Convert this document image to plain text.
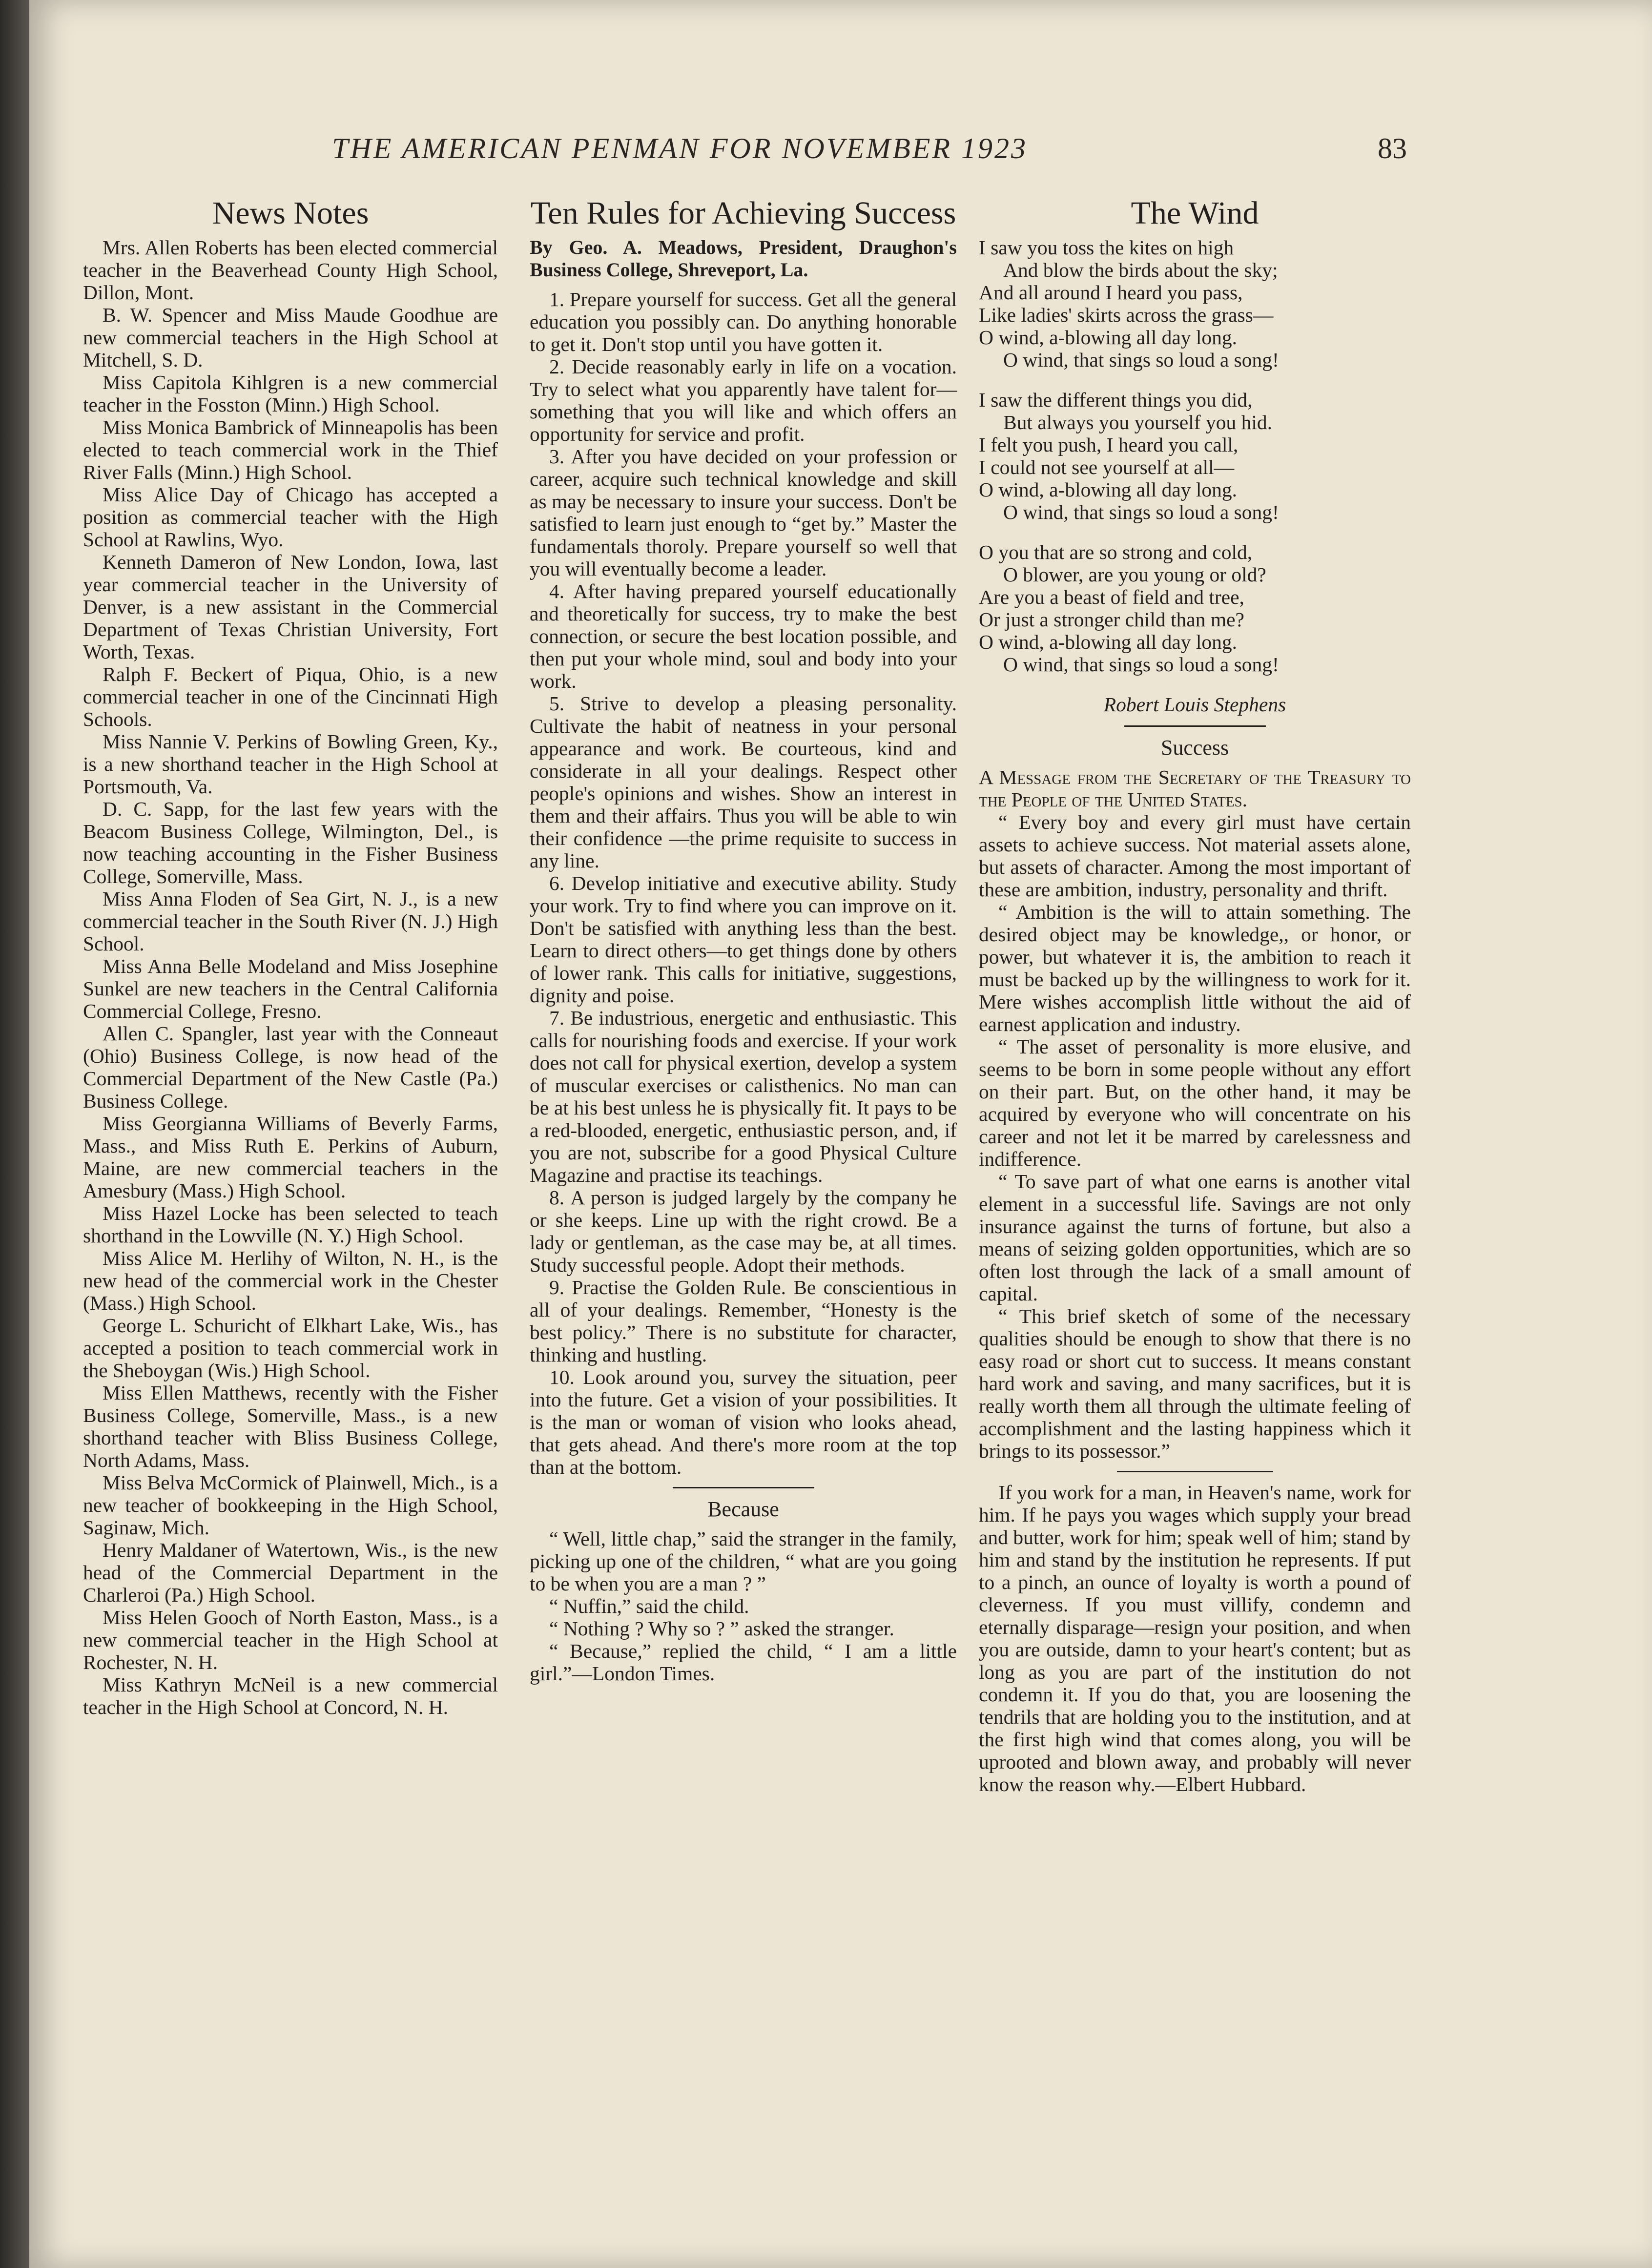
THE AMERICAN PENMAN FOR NOVEMBER 1923	83
News Notes

Mrs. Allen Roberts has been elected commercial teacher in the Beaverhead County High School, Dillon, Mont.

B. W. Spencer and Miss Maude Goodhue are new commercial teachers in the High School at Mitchell, S. D.

Miss Capitola Kihlgren is a new commercial teacher in the Fosston (Minn.) High School.

Miss Monica Bambrick of Minneapolis has been elected to teach commercial work in the Thief River Falls (Minn.) High School.

Miss Alice Day of Chicago has accepted a position as commercial teacher with the High School at Rawlins, Wyo.

Kenneth Dameron of New London, Iowa, last year commercial teacher in the University of Denver, is a new assistant in the Commercial Department of Texas Christian University, Fort Worth, Texas.

Ralph F. Beckert of Piqua, Ohio, is a new commercial teacher in one of the Cincinnati High Schools.

Miss Nannie V. Perkins of Bowling Green, Ky., is a new shorthand teacher in the High School at Portsmouth, Va.

D. C. Sapp, for the last few years with the Beacom Business College, Wilmington, Del., is now teaching accounting in the Fisher Business College, Somerville, Mass.

Miss Anna Floden of Sea Girt, N. J., is a new commercial teacher in the South River (N. J.) High School.

Miss Anna Belle Modeland and Miss Josephine Sunkel are new teachers in the Central California Commercial College, Fresno.

Allen C. Spangler, last year with the Conneaut (Ohio) Business College, is now head of the Commercial Department of the New Castle (Pa.) Business College.

Miss Georgianna Williams of Beverly Farms, Mass., and Miss Ruth E. Perkins of Auburn, Maine, are new commercial teachers in the Amesbury (Mass.) High School.

Miss Hazel Locke has been selected to teach shorthand in the Lowville (N. Y.) High School.

Miss Alice M. Herlihy of Wilton, N. H., is the new head of the commercial work in the Chester (Mass.) High School.

George L. Schuricht of Elkhart Lake, Wis., has accepted a position to teach commercial work in the Sheboygan (Wis.) High School.

Miss Ellen Matthews, recently with the Fisher Business College, Somerville, Mass., is a new shorthand teacher with Bliss Business College, North Adams, Mass.

Miss Belva McCormick of Plainwell, Mich., is a new teacher of bookkeeping in the High School, Saginaw, Mich.

Henry Maldaner of Watertown, Wis., is the new head of the Commercial Department in the Charleroi (Pa.) High School.

Miss Helen Gooch of North Easton, Mass., is a new commercial teacher in the High School at Rochester, N. H.

Miss Kathryn McNeil is a new commercial teacher in the High School at Concord, N. H.

Ten Rules for Achieving Success
By Geo. A. Meadows, President, Draughon's Business College, Shreveport, La.

1. Prepare yourself for success. Get all the general education you possibly can. Do anything honorable to get it. Don't stop until you have gotten it.

2. Decide reasonably early in life on a vocation. Try to select what you apparently have talent for—something that you will like and which offers an opportunity for service and profit.

3. After you have decided on your profession or career, acquire such technical knowledge and skill as may be necessary to insure your success. Don't be satisfied to learn just enough to “get by.” Master the fundamentals thoroly. Prepare yourself so well that you will eventually become a leader.

4. After having prepared yourself educationally and theoretically for success, try to make the best connection, or secure the best location possible, and then put your whole mind, soul and body into your work.

5. Strive to develop a pleasing personality. Cultivate the habit of neatness in your personal appearance and work. Be courteous, kind and considerate in all your dealings. Respect other people's opinions and wishes. Show an interest in them and their affairs. Thus you will be able to win their confidence —the prime requisite to success in any line.

6. Develop initiative and executive ability. Study your work. Try to find where you can improve on it. Don't be satisfied with anything less than the best. Learn to direct others—to get things done by others of lower rank. This calls for initiative, suggestions, dignity and poise.

7. Be industrious, energetic and enthusiastic. This calls for nourishing foods and exercise. If your work does not call for physical exertion, develop a system of muscular exercises or calisthenics. No man can be at his best unless he is physically fit. It pays to be a red-blooded, energetic, enthusiastic person, and, if you are not, subscribe for a good Physical Culture Magazine and practise its teachings.

8. A person is judged largely by the company he or she keeps. Line up with the right crowd. Be a lady or gentleman, as the case may be, at all times. Study successful people. Adopt their methods.

9. Practise the Golden Rule. Be conscientious in all of your dealings. Remember, “Honesty is the best policy.” There is no substitute for character, thinking and hustling.

10. Look around you, survey the situation, peer into the future. Get a vision of your possibilities. It is the man or woman of vision who looks ahead, that gets ahead. And there's more room at the top than at the bottom.

Because

“ Well, little chap,” said the stranger in the family, picking up one of the children, “ what are you going to be when you are a man ? ”

“ Nuffin,” said the child.

“ Nothing ? Why so ? ” asked the stranger.

“ Because,” replied the child, “ I am a little girl.”—London Times.

The Wind
I saw you toss the kites on high
And blow the birds about the sky;
And all around I heard you pass,
Like ladies' skirts across the grass—
O wind, a-blowing all day long.
O wind, that sings so loud a song!
I saw the different things you did,
But always you yourself you hid.
I felt you push, I heard you call,
I could not see yourself at all—
O wind, a-blowing all day long.
O wind, that sings so loud a song!
O you that are so strong and cold,
O blower, are you young or old?
Are you a beast of field and tree,
Or just a stronger child than me?
O wind, a-blowing all day long.
O wind, that sings so loud a song!
Robert Louis Stephens
Success

A Message from the Secretary of the Treasury to the People of the United States.

“ Every boy and every girl must have certain assets to achieve success. Not material assets alone, but assets of character. Among the most important of these are ambition, industry, personality and thrift.

“ Ambition is the will to attain something. The desired object may be knowledge,, or honor, or power, but whatever it is, the ambition to reach it must be backed up by the willingness to work for it. Mere wishes accomplish little without the aid of earnest application and industry.

“ The asset of personality is more elusive, and seems to be born in some people without any effort on their part. But, on the other hand, it may be acquired by everyone who will concentrate on his career and not let it be marred by carelessness and indifference.

“ To save part of what one earns is another vital element in a successful life. Savings are not only insurance against the turns of fortune, but also a means of seizing golden opportunities, which are so often lost through the lack of a small amount of capital.

“ This brief sketch of some of the necessary qualities should be enough to show that there is no easy road or short cut to success. It means constant hard work and saving, and many sacrifices, but it is really worth them all through the ultimate feeling of accomplishment and the lasting happiness which it brings to its possessor.”

If you work for a man, in Heaven's name, work for him. If he pays you wages which supply your bread and butter, work for him; speak well of him; stand by him and stand by the institution he represents. If put to a pinch, an ounce of loyalty is worth a pound of cleverness. If you must villify, condemn and eternally disparage—resign your position, and when you are outside, damn to your heart's content; but as long as you are part of the institution do not condemn it. If you do that, you are loosening the tendrils that are holding you to the institution, and at the first high wind that comes along, you will be uprooted and blown away, and probably will never know the reason why.—Elbert Hubbard.
